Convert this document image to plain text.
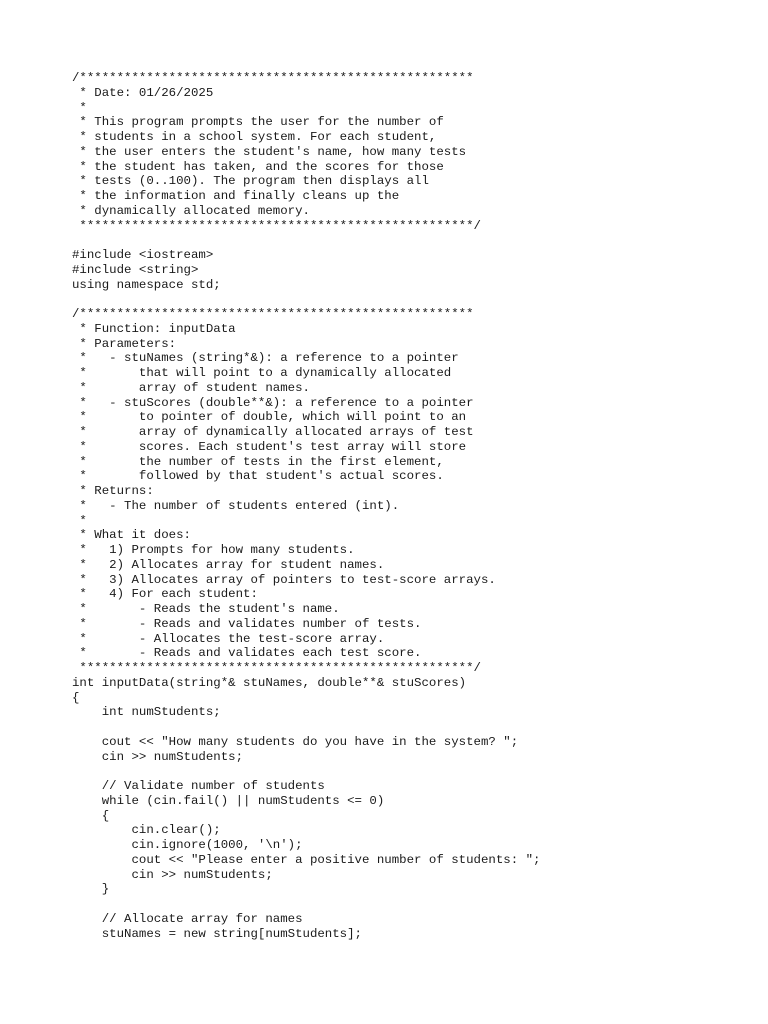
/*****************************************************
* Date: 01/26/2025
*
* This program prompts the user for the number of
* students in a school system. For each student,
* the user enters the student's name, how many tests
* the student has taken, and the scores for those
* tests (0..100). The program then displays all
* the information and finally cleans up the
* dynamically allocated memory.
*****************************************************/
#include <iostream>
#include <string>
using namespace std;
/*****************************************************
* Function: inputData
* Parameters:
*   - stuNames (string*&): a reference to a pointer
*       that will point to a dynamically allocated
*       array of student names.
*   - stuScores (double**&): a reference to a pointer
*       to pointer of double, which will point to an
*       array of dynamically allocated arrays of test
*       scores. Each student's test array will store
*       the number of tests in the first element,
*       followed by that student's actual scores.
* Returns:
*   - The number of students entered (int).
*
* What it does:
*   1) Prompts for how many students.
*   2) Allocates array for student names.
*   3) Allocates array of pointers to test-score arrays.
*   4) For each student:
*       - Reads the student's name.
*       - Reads and validates number of tests.
*       - Allocates the test-score array.
*       - Reads and validates each test score.
*****************************************************/
int inputData(string*& stuNames, double**& stuScores)
{
int numStudents;
cout << "How many students do you have in the system? ";
cin >> numStudents;
// Validate number of students
while (cin.fail() || numStudents <= 0)
{
cin.clear();
cin.ignore(1000, '\n');
cout << "Please enter a positive number of students: ";
cin >> numStudents;
}
// Allocate array for names
stuNames = new string[numStudents];
